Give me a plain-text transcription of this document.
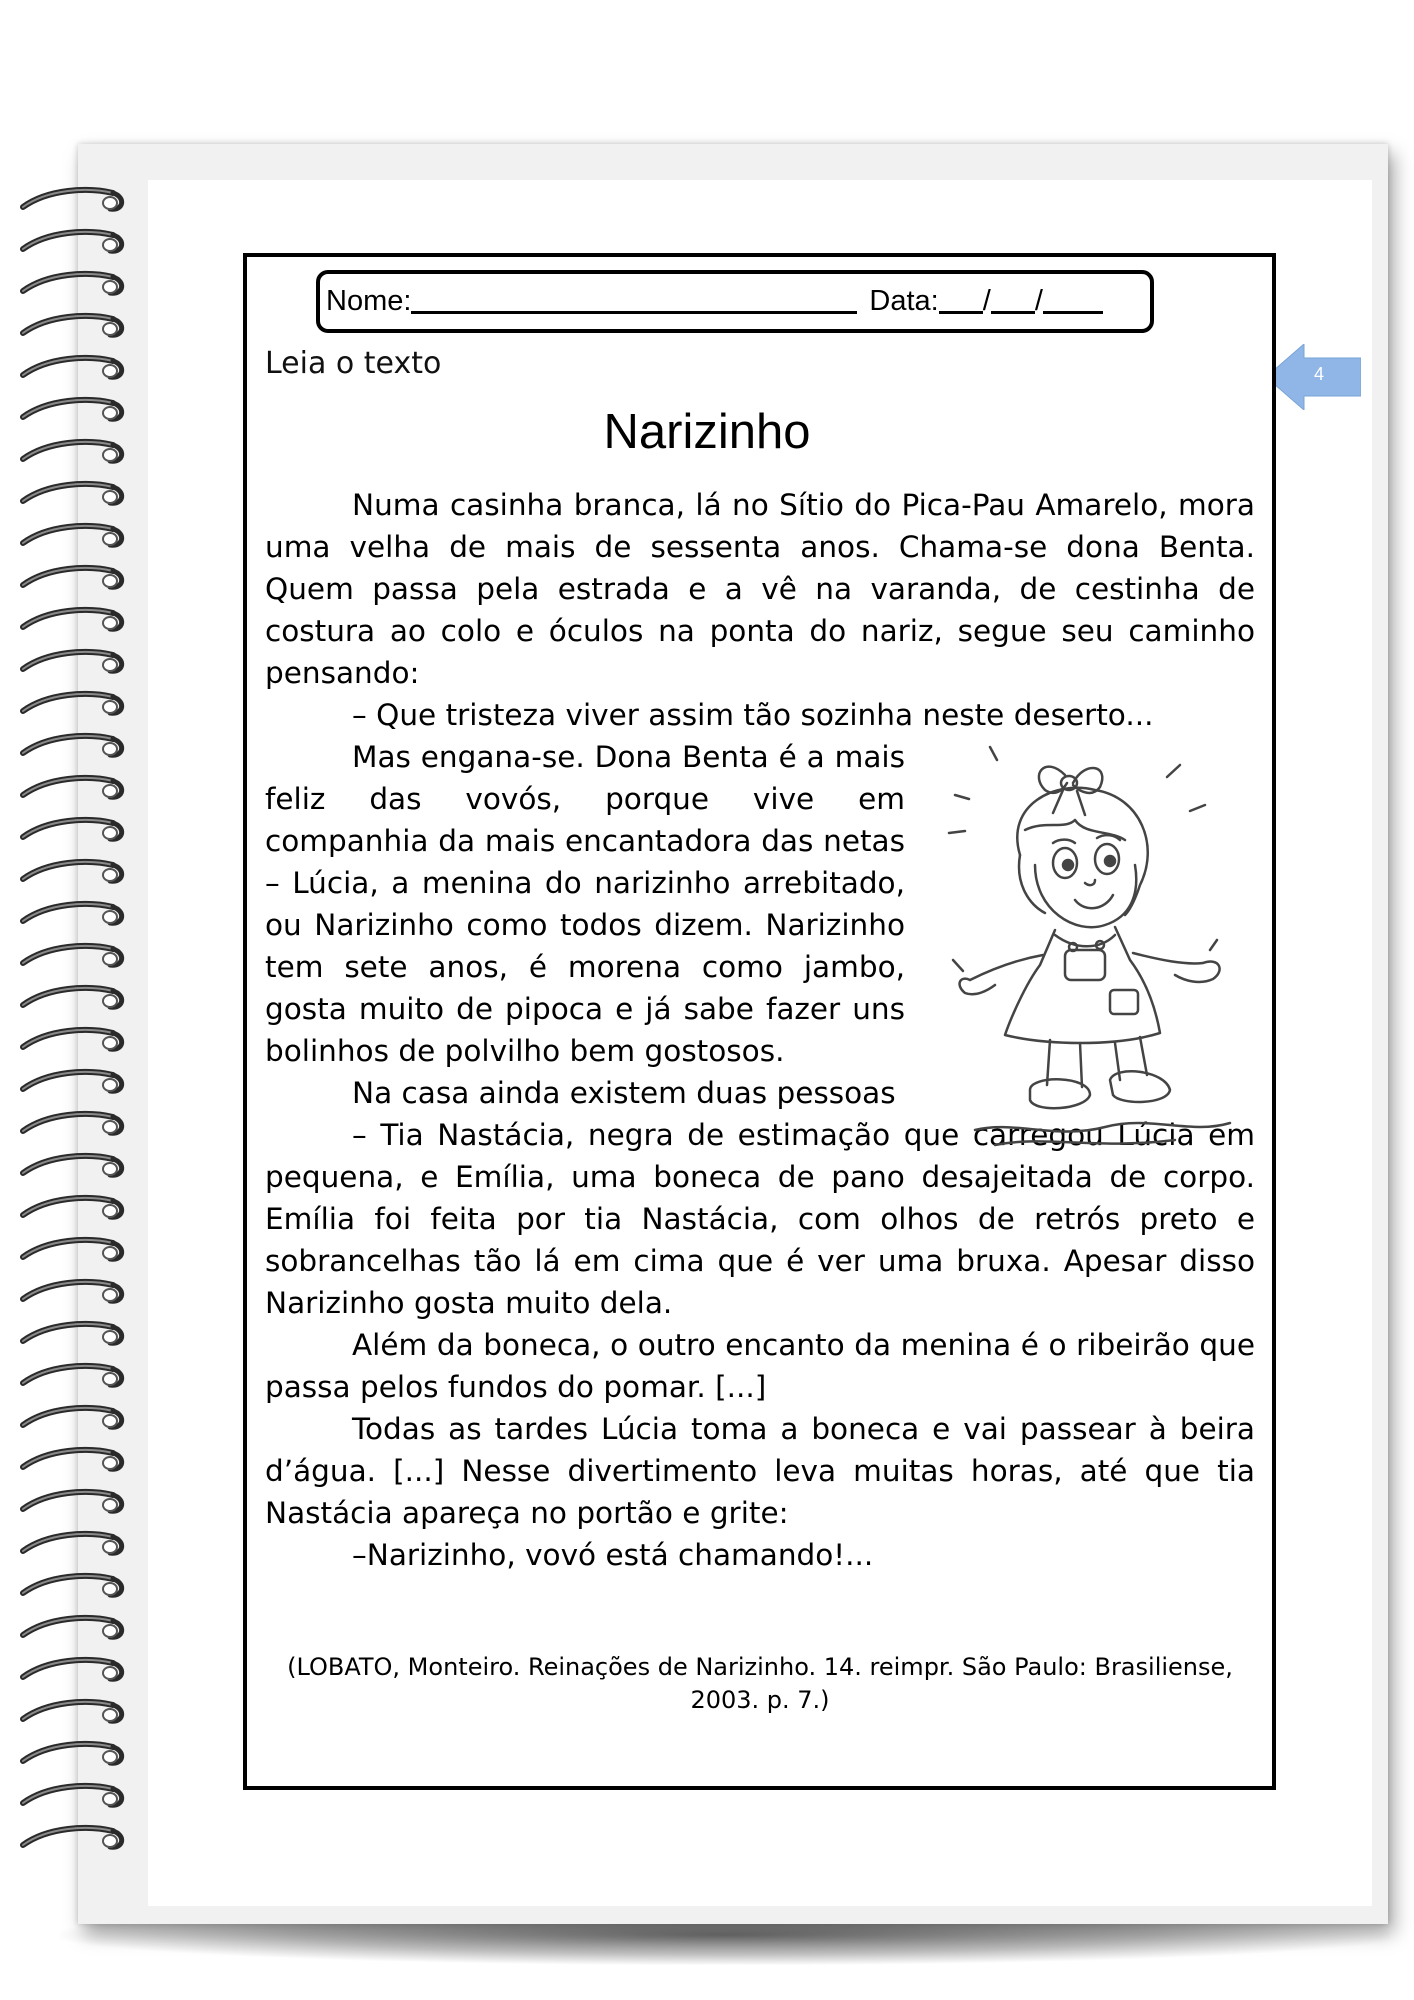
4
Nome:	Data: / /
Leia o texto
Narizinho

Numa casinha branca, lá no Sítio do Pica-Pau Amarelo, mora uma velha de mais de sessenta anos. Chama-se dona Benta. Quem passa pela estrada e a vê na varanda, de cestinha de costura ao colo e óculos na ponta do nariz, segue seu caminho pensando:

– Que tristeza viver assim tão sozinha neste deserto...

Mas engana-se. Dona Benta é a mais feliz das vovós, porque vive em companhia da mais encantadora das netas – Lúcia, a menina do narizinho arrebitado, ou Narizinho como todos dizem. Narizinho tem sete anos, é morena como jambo, gosta muito de pipoca e já sabe fazer uns bolinhos de polvilho bem gostosos.

Na casa ainda existem duas pessoas

– Tia Nastácia, negra de estimação que carregou Lúcia em pequena, e Emília, uma boneca de pano desajeitada de corpo. Emília foi feita por tia Nastácia, com olhos de retrós preto e sobrancelhas tão lá em cima que é ver uma bruxa. Apesar disso Narizinho gosta muito dela.

Além da boneca, o outro encanto da menina é o ribeirão que passa pelos fundos do pomar. [...]

Todas as tardes Lúcia toma a boneca e vai passear à beira d’água. [...] Nesse divertimento leva muitas horas, até que tia Nastácia apareça no portão e grite:

–Narizinho, vovó está chamando!...

(LOBATO, Monteiro. Reinações de Narizinho. 14. reimpr. São Paulo: Brasiliense, 2003. p. 7.)
